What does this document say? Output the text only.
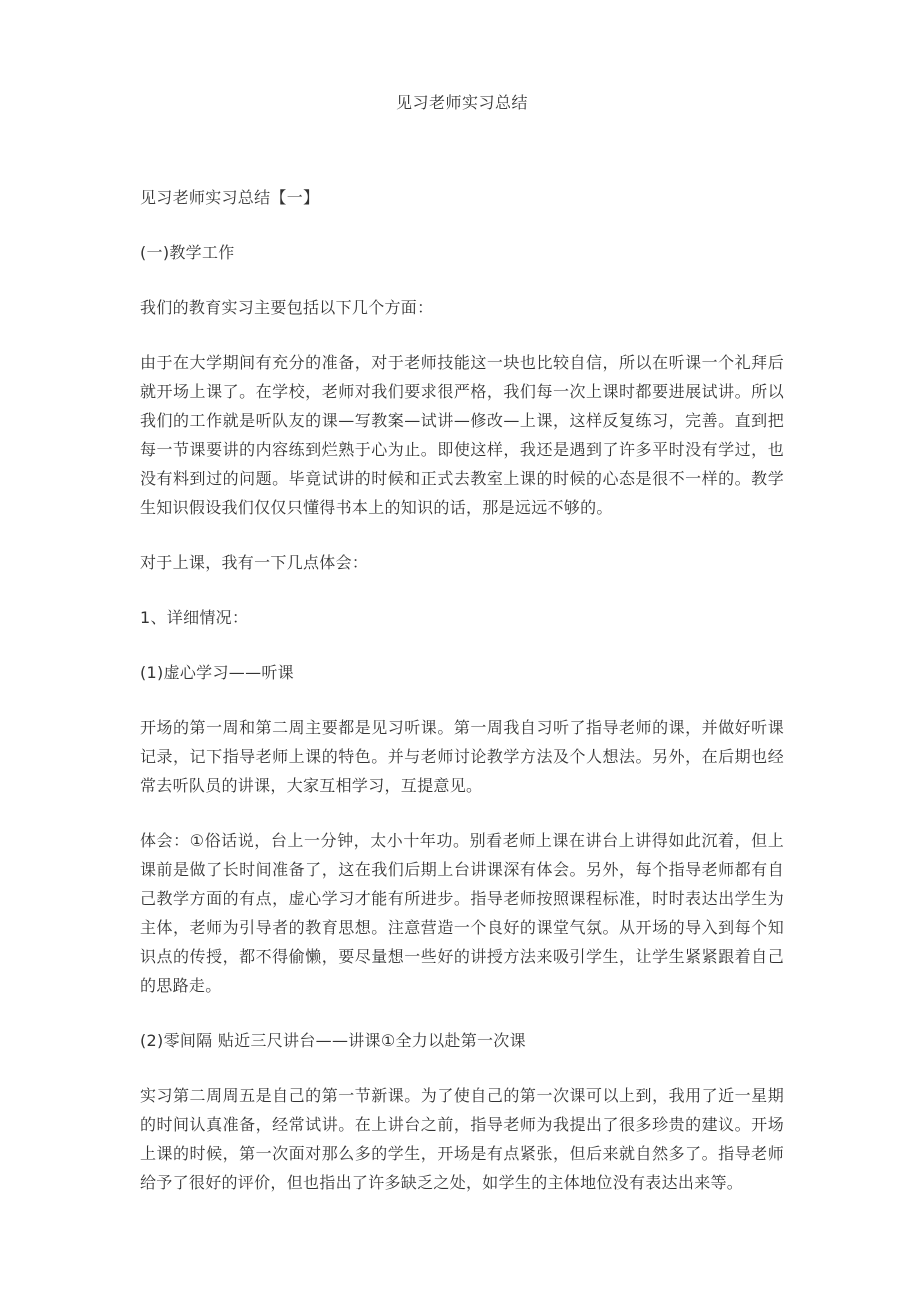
见习老师实习总结

见习老师实习总结【一】

(一)教学工作

我们的教育实习主要包括以下几个方面：

由于在大学期间有充分的准备，对于老师技能这一块也比较自信，所以在听课一个礼拜后就开场上课了。在学校，老师对我们要求很严格，我们每一次上课时都要进展试讲。所以我们的工作就是听队友的课—写教案—试讲—修改—上课，这样反复练习，完善。直到把每一节课要讲的内容练到烂熟于心为止。即使这样，我还是遇到了许多平时没有学过，也没有料到过的问题。毕竟试讲的时候和正式去教室上课的时候的心态是很不一样的。教学生知识假设我们仅仅只懂得书本上的知识的话，那是远远不够的。

对于上课，我有一下几点体会：

1、详细情况：

(1)虚心学习——听课

开场的第一周和第二周主要都是见习听课。第一周我自习听了指导老师的课，并做好听课记录，记下指导老师上课的特色。并与老师讨论教学方法及个人想法。另外，在后期也经常去听队员的讲课，大家互相学习，互提意见。

体会：①俗话说，台上一分钟，太小十年功。别看老师上课在讲台上讲得如此沉着，但上课前是做了长时间准备了，这在我们后期上台讲课深有体会。另外，每个指导老师都有自己教学方面的有点，虚心学习才能有所进步。指导老师按照课程标准，时时表达出学生为主体，老师为引导者的教育思想。注意营造一个良好的课堂气氛。从开场的导入到每个知识点的传授，都不得偷懒，要尽量想一些好的讲授方法来吸引学生，让学生紧紧跟着自己的思路走。

(2)零间隔 贴近三尺讲台——讲课①全力以赴第一次课

实习第二周周五是自己的第一节新课。为了使自己的第一次课可以上到，我用了近一星期的时间认真准备，经常试讲。在上讲台之前，指导老师为我提出了很多珍贵的建议。开场上课的时候，第一次面对那么多的学生，开场是有点紧张，但后来就自然多了。指导老师给予了很好的评价，但也指出了许多缺乏之处，如学生的主体地位没有表达出来等。
